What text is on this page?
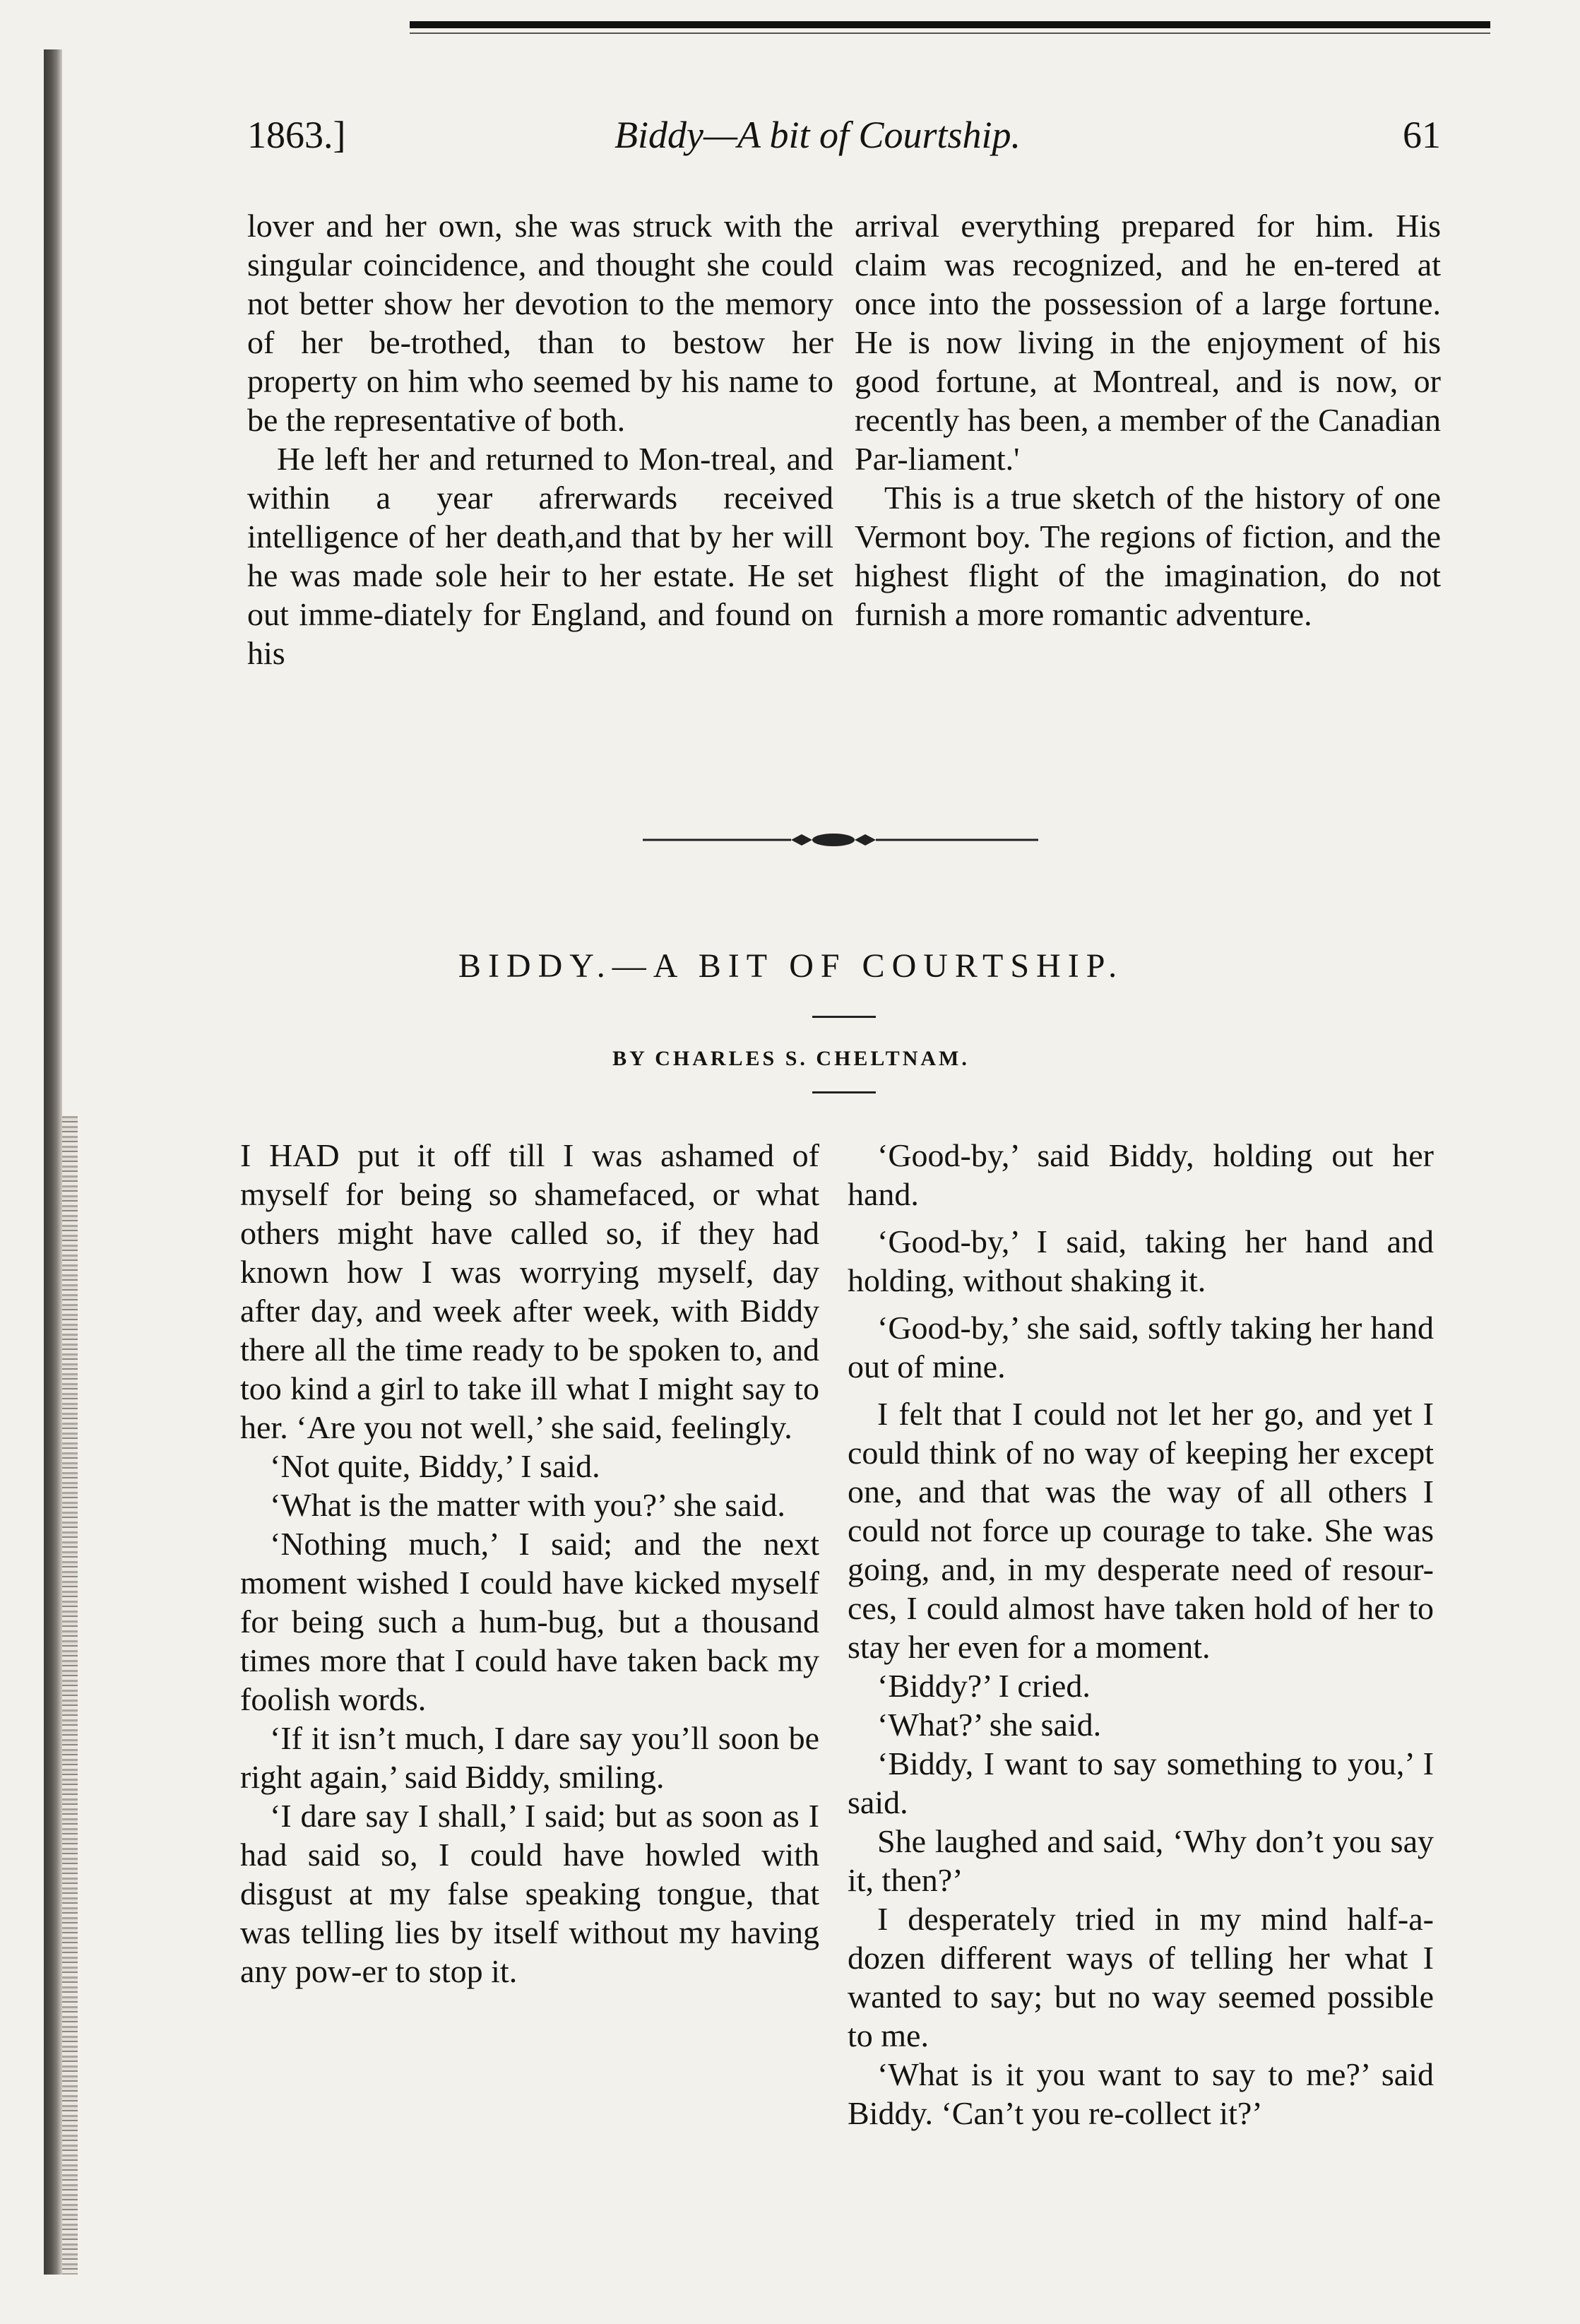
1863.]	Biddy—A bit of Courtship.	61

lover and her own, she was struck with the singular coincidence, and thought she could not better show her devotion to the memory of her be-trothed, than to bestow her property on him who seemed by his name to be the representative of both.

He left her and returned to Mon-treal, and within a year afrerwards received intelligence of her death,and that by her will he was made sole heir to her estate. He set out imme-diately for England, and found on his

arrival everything prepared for him. His claim was recognized, and he en-tered at once into the possession of a large fortune. He is now living in the enjoyment of his good fortune, at Montreal, and is now, or recently has been, a member of the Canadian Par-liament.'

This is a true sketch of the history of one Vermont boy. The regions of fiction, and the highest flight of the imagination, do not furnish a more romantic adventure.

BIDDY.—A BIT OF COURTSHIP.
BY CHARLES S. CHELTNAM.

I HAD put it off till I was ashamed of myself for being so shamefaced, or what others might have called so, if they had known how I was worrying myself, day after day, and week after week, with Biddy there all the time ready to be spoken to, and too kind a girl to take ill what I might say to her. ‘Are you not well,’ she said, feelingly.

‘Not quite, Biddy,’ I said.

‘What is the matter with you?’ she said.

‘Nothing much,’ I said; and the next moment wished I could have kicked myself for being such a hum-bug, but a thousand times more that I could have taken back my foolish words.

‘If it isn’t much, I dare say you’ll soon be right again,’ said Biddy, smiling.

‘I dare say I shall,’ I said; but as soon as I had said so, I could have howled with disgust at my false speaking tongue, that was telling lies by itself without my having any pow-er to stop it.

‘Good-by,’ said Biddy, holding out her hand.

‘Good-by,’ I said, taking her hand and holding, without shaking it.

‘Good-by,’ she said, softly taking her hand out of mine.

I felt that I could not let her go, and yet I could think of no way of keeping her except one, and that was the way of all others I could not force up courage to take. She was going, and, in my desperate need of resour-ces, I could almost have taken hold of her to stay her even for a moment.

‘Biddy?’ I cried.

‘What?’ she said.

‘Biddy, I want to say something to you,’ I said.

She laughed and said, ‘Why don’t you say it, then?’

I desperately tried in my mind half-a-dozen different ways of telling her what I wanted to say; but no way seemed possible to me.

‘What is it you want to say to me?’ said Biddy. ‘Can’t you re-collect it?’
